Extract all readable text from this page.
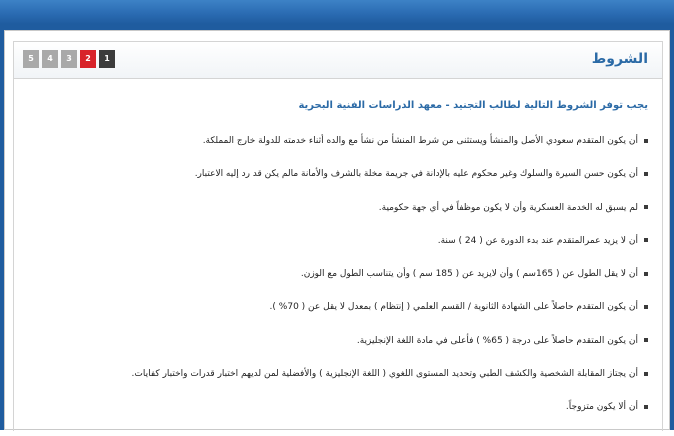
5	4	3	2	1	الشروط
يجب توفر الشروط التالية لطالب التجنيد - معهد الدراسات الفنية البحرية
أن يكون المتقدم سعودي الأصل والمنشأ ويستثنى من شرط المنشأ من نشأ مع والده أثناء خدمته للدولة خارج المملكة.
أن يكون حسن السيرة والسلوك وغير محكوم عليه بالإدانة في جريمة مخلة بالشرف والأمانة مالم يكن قد رد إليه الاعتبار.
لم يسبق له الخدمة العسكرية وأن لا يكون موظفاً في أي جهة حكومية.
أن لا يزيد عمرالمتقدم عند بدء الدورة عن ( 24 ) سنة.
أن لا يقل الطول عن ( 165سم ) وأن لايزيد عن ( 185 سم ) وأن يتناسب الطول مع الوزن.
أن يكون المتقدم حاصلاً على الشهادة الثانوية / القسم العلمي ( إنتظام ) بمعدل لا يقل عن ( 70% ).
أن يكون المتقدم حاصلاً على درجة ( 65% ) فأعلى في مادة اللغة الإنجليزية.
أن يجتاز المقابلة الشخصية والكشف الطبي وتحديد المستوى اللغوي ( اللغة الإنجليزية ) والأفضلية لمن لديهم اختبار قدرات واختبار كفايات.
أن ألا يكون متزوجاً.
